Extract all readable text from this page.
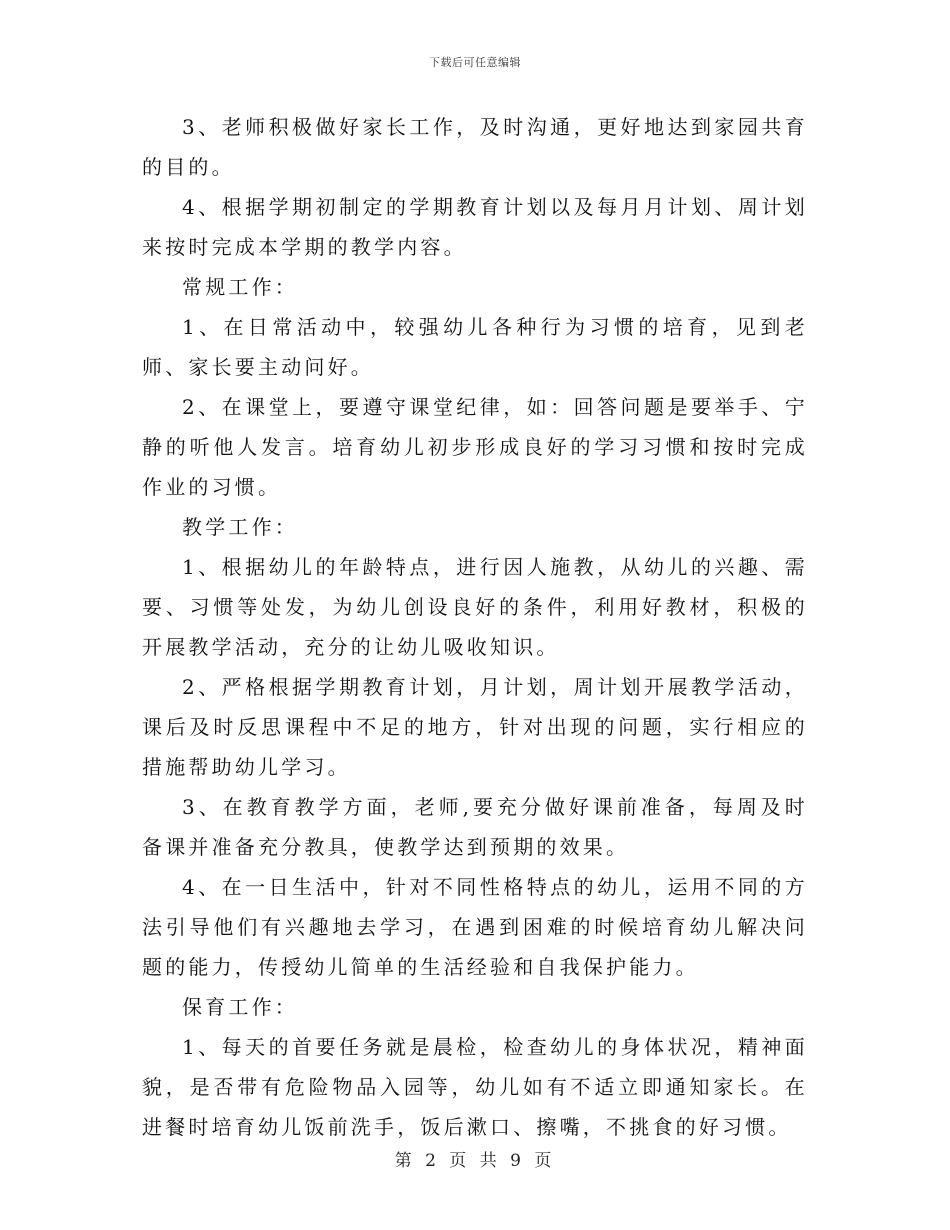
下载后可任意编辑

3、老师积极做好家长工作，及时沟通，更好地达到家园共育的目的。

4、根据学期初制定的学期教育计划以及每月月计划、周计划来按时完成本学期的教学内容。

常规工作：

1、在日常活动中，较强幼儿各种行为习惯的培育，见到老师、家长要主动问好。

2、在课堂上，要遵守课堂纪律，如：回答问题是要举手、宁静的听他人发言。培育幼儿初步形成良好的学习习惯和按时完成作业的习惯。

教学工作：

1、根据幼儿的年龄特点，进行因人施教，从幼儿的兴趣、需要、习惯等处发，为幼儿创设良好的条件，利用好教材，积极的开展教学活动，充分的让幼儿吸收知识。

2、严格根据学期教育计划，月计划，周计划开展教学活动，课后及时反思课程中不足的地方，针对出现的问题，实行相应的措施帮助幼儿学习。

3、在教育教学方面，老师,要充分做好课前准备，每周及时备课并准备充分教具，使教学达到预期的效果。

4、在一日生活中，针对不同性格特点的幼儿，运用不同的方法引导他们有兴趣地去学习，在遇到困难的时候培育幼儿解决问题的能力，传授幼儿简单的生活经验和自我保护能力。

保育工作：

1、每天的首要任务就是晨检，检查幼儿的身体状况，精神面貌，是否带有危险物品入园等，幼儿如有不适立即通知家长。在进餐时培育幼儿饭前洗手，饭后漱口、擦嘴，不挑食的好习惯。

第 2 页 共 9 页
